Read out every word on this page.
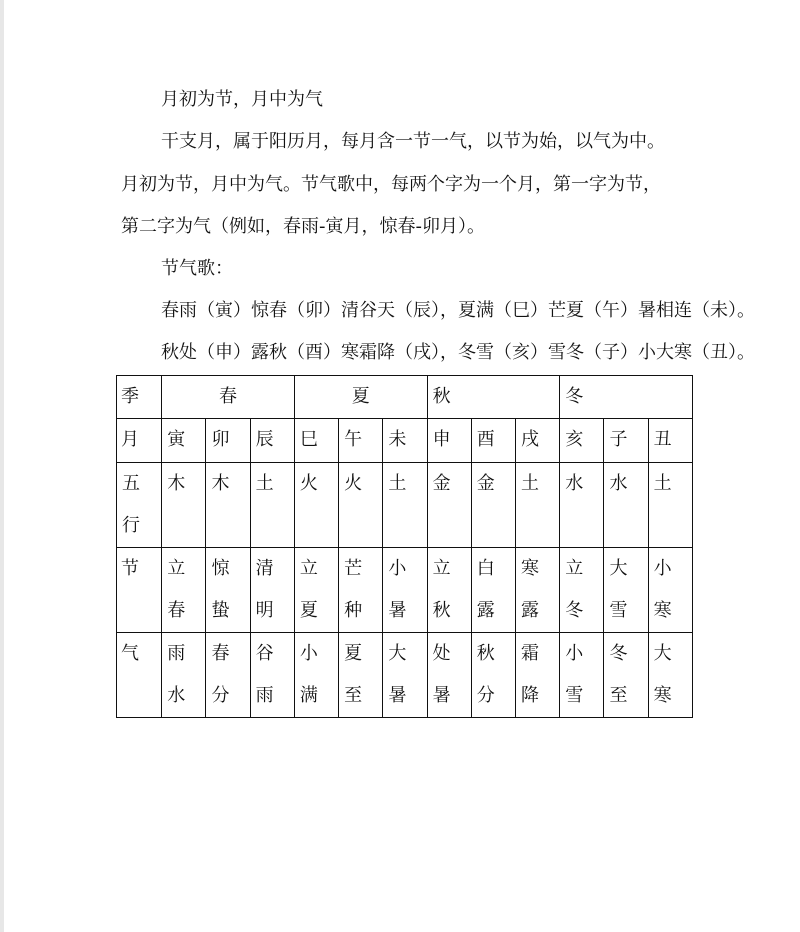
月初为节，月中为气
干支月，属于阳历月，每月含一节一气，以节为始，以气为中。
月初为节，月中为气。节气歌中，每两个字为一个月，第一字为节，
第二字为气（例如，春雨-寅月，惊春-卯月）。
节气歌：
春雨（寅）惊春（卯）清谷天（辰），夏满（巳）芒夏（午）暑相连（未）。
秋处（申）露秋（酉）寒霜降（戌），冬雪（亥）雪冬（子）小大寒（丑）。
季	春			夏			秋			冬		

月	寅	卯	辰	巳	午	未	申	酉	戌	亥	子	丑

五行	木	木	土	火	火	土	金	金	土	水	水	土

节	立春	惊蛰	清明	立夏	芒种	小暑	立秋	白露	寒露	立冬	大雪	小寒

气	雨水	春分	谷雨	小满	夏至	大暑	处暑	秋分	霜降	小雪	冬至	大寒
